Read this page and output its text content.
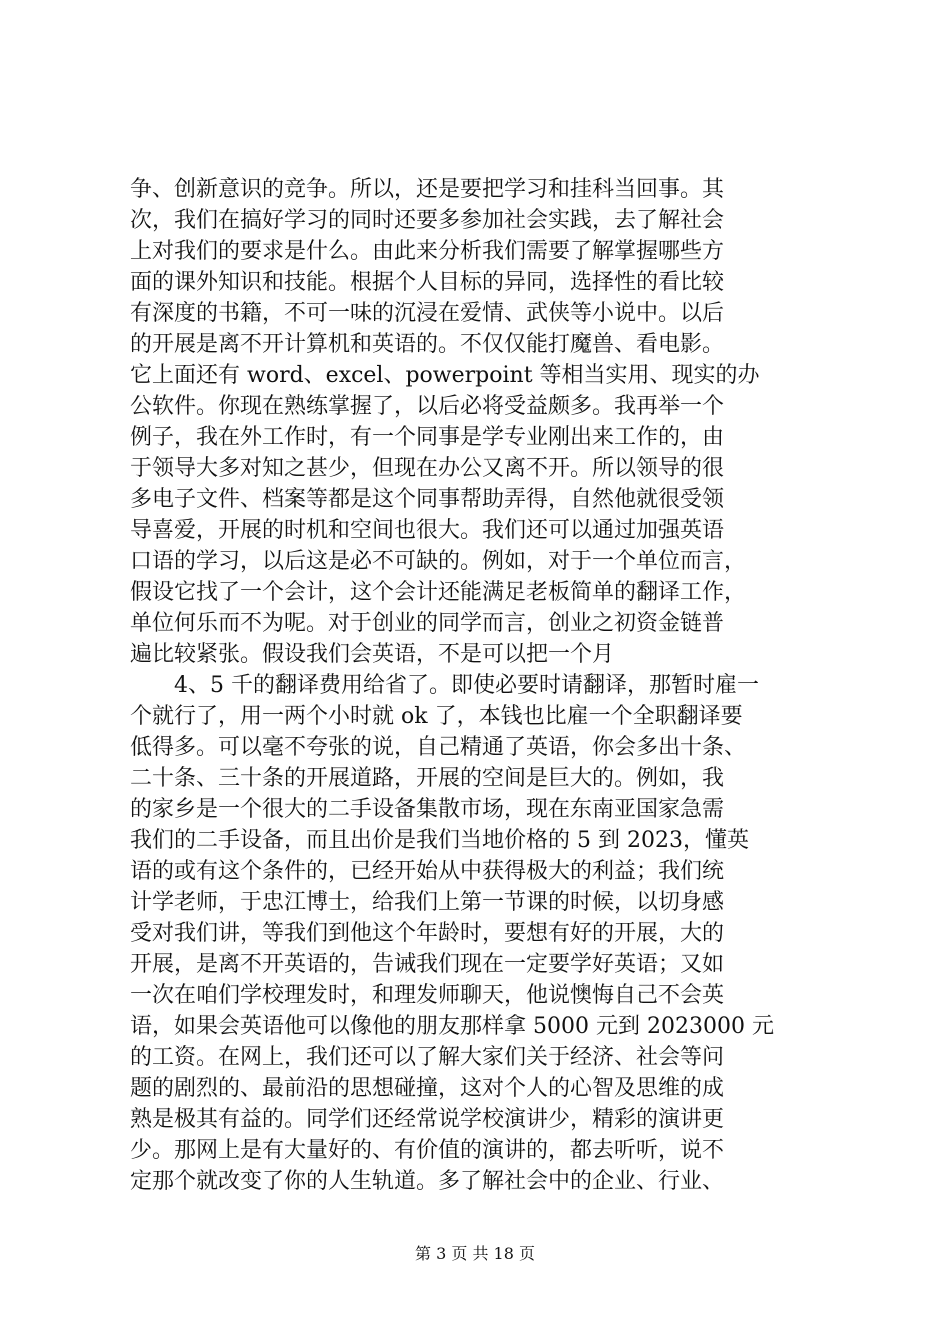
争、创新意识的竞争。所以，还是要把学习和挂科当回事。其
次，我们在搞好学习的同时还要多参加社会实践，去了解社会
上对我们的要求是什么。由此来分析我们需要了解掌握哪些方
面的课外知识和技能。根据个人目标的异同，选择性的看比较
有深度的书籍，不可一味的沉浸在爱情、武侠等小说中。以后
的开展是离不开计算机和英语的。不仅仅能打魔兽、看电影。
它上面还有 word、excel、powerpoint 等相当实用、现实的办
公软件。你现在熟练掌握了，以后必将受益颇多。我再举一个
例子，我在外工作时，有一个同事是学专业刚出来工作的，由
于领导大多对知之甚少，但现在办公又离不开。所以领导的很
多电子文件、档案等都是这个同事帮助弄得，自然他就很受领
导喜爱，开展的时机和空间也很大。我们还可以通过加强英语
口语的学习，以后这是必不可缺的。例如，对于一个单位而言，
假设它找了一个会计，这个会计还能满足老板简单的翻译工作，
单位何乐而不为呢。对于创业的同学而言，创业之初资金链普
遍比较紧张。假设我们会英语，不是可以把一个月
　　4、5 千的翻译费用给省了。即使必要时请翻译，那暂时雇一
个就行了，用一两个小时就 ok 了，本钱也比雇一个全职翻译要
低得多。可以毫不夸张的说，自己精通了英语，你会多出十条、
二十条、三十条的开展道路，开展的空间是巨大的。例如，我
的家乡是一个很大的二手设备集散市场，现在东南亚国家急需
我们的二手设备，而且出价是我们当地价格的 5 到 2023，懂英
语的或有这个条件的，已经开始从中获得极大的利益；我们统
计学老师，于忠江博士，给我们上第一节课的时候，以切身感
受对我们讲，等我们到他这个年龄时，要想有好的开展，大的
开展，是离不开英语的，告诫我们现在一定要学好英语；又如
一次在咱们学校理发时，和理发师聊天，他说懊悔自己不会英
语，如果会英语他可以像他的朋友那样拿 5000 元到 2023000 元
的工资。在网上，我们还可以了解大家们关于经济、社会等问
题的剧烈的、最前沿的思想碰撞，这对个人的心智及思维的成
熟是极其有益的。同学们还经常说学校演讲少，精彩的演讲更
少。那网上是有大量好的、有价值的演讲的，都去听听，说不
定那个就改变了你的人生轨道。多了解社会中的企业、行业、
第 3 页 共 18 页
